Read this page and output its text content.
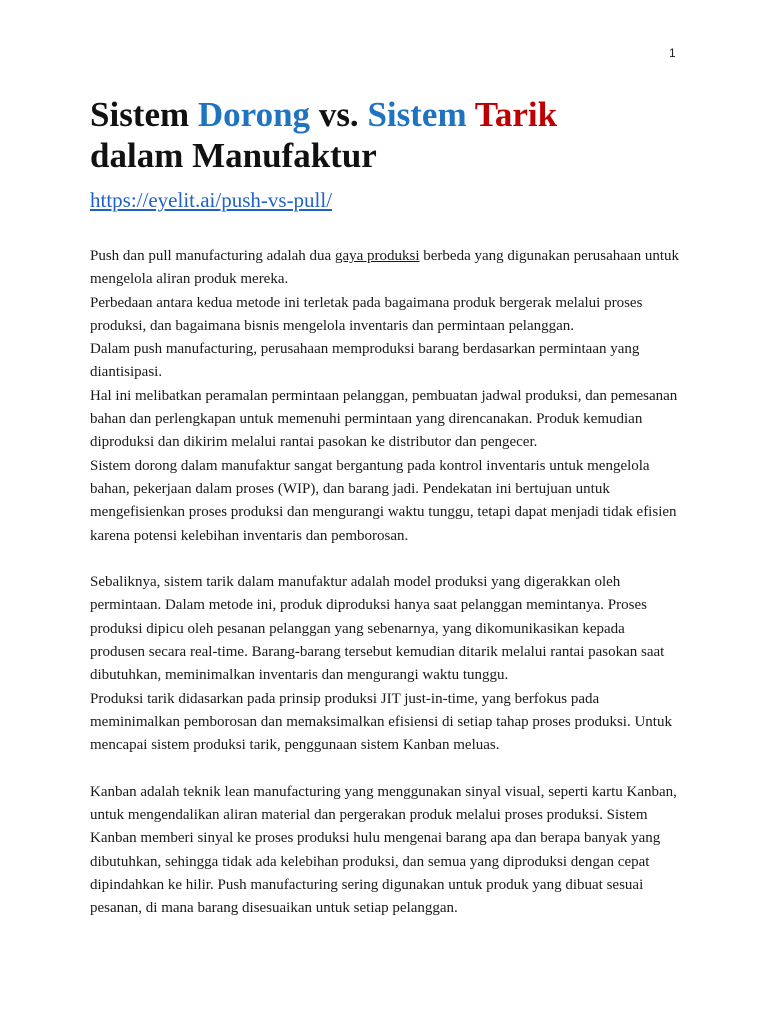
1
Sistem Dorong vs. Sistem Tarik
dalam Manufaktur
https://eyelit.ai/push-vs-pull/

Push dan pull manufacturing adalah dua gaya produksi berbeda yang digunakan perusahaan untuk mengelola aliran produk mereka.

Perbedaan antara kedua metode ini terletak pada bagaimana produk bergerak melalui proses produksi, dan bagaimana bisnis mengelola inventaris dan permintaan pelanggan.

Dalam push manufacturing, perusahaan memproduksi barang berdasarkan permintaan yang diantisipasi.

Hal ini melibatkan peramalan permintaan pelanggan, pembuatan jadwal produksi, dan pemesanan bahan dan perlengkapan untuk memenuhi permintaan yang direncanakan. Produk kemudian diproduksi dan dikirim melalui rantai pasokan ke distributor dan pengecer.

Sistem dorong dalam manufaktur sangat bergantung pada kontrol inventaris untuk mengelola bahan, pekerjaan dalam proses (WIP), dan barang jadi. Pendekatan ini bertujuan untuk mengefisienkan proses produksi dan mengurangi waktu tunggu, tetapi dapat menjadi tidak efisien karena potensi kelebihan inventaris dan pemborosan.

Sebaliknya, sistem tarik dalam manufaktur adalah model produksi yang digerakkan oleh permintaan. Dalam metode ini, produk diproduksi hanya saat pelanggan memintanya. Proses produksi dipicu oleh pesanan pelanggan yang sebenarnya, yang dikomunikasikan kepada produsen secara real-time. Barang-barang tersebut kemudian ditarik melalui rantai pasokan saat dibutuhkan, meminimalkan inventaris dan mengurangi waktu tunggu.

Produksi tarik didasarkan pada prinsip produksi JIT just-in-time, yang berfokus pada meminimalkan pemborosan dan memaksimalkan efisiensi di setiap tahap proses produksi. Untuk mencapai sistem produksi tarik, penggunaan sistem Kanban meluas.

Kanban adalah teknik lean manufacturing yang menggunakan sinyal visual, seperti kartu Kanban, untuk mengendalikan aliran material dan pergerakan produk melalui proses produksi. Sistem Kanban memberi sinyal ke proses produksi hulu mengenai barang apa dan berapa banyak yang dibutuhkan, sehingga tidak ada kelebihan produksi, dan semua yang diproduksi dengan cepat dipindahkan ke hilir. Push manufacturing sering digunakan untuk produk yang dibuat sesuai pesanan, di mana barang disesuaikan untuk setiap pelanggan.
